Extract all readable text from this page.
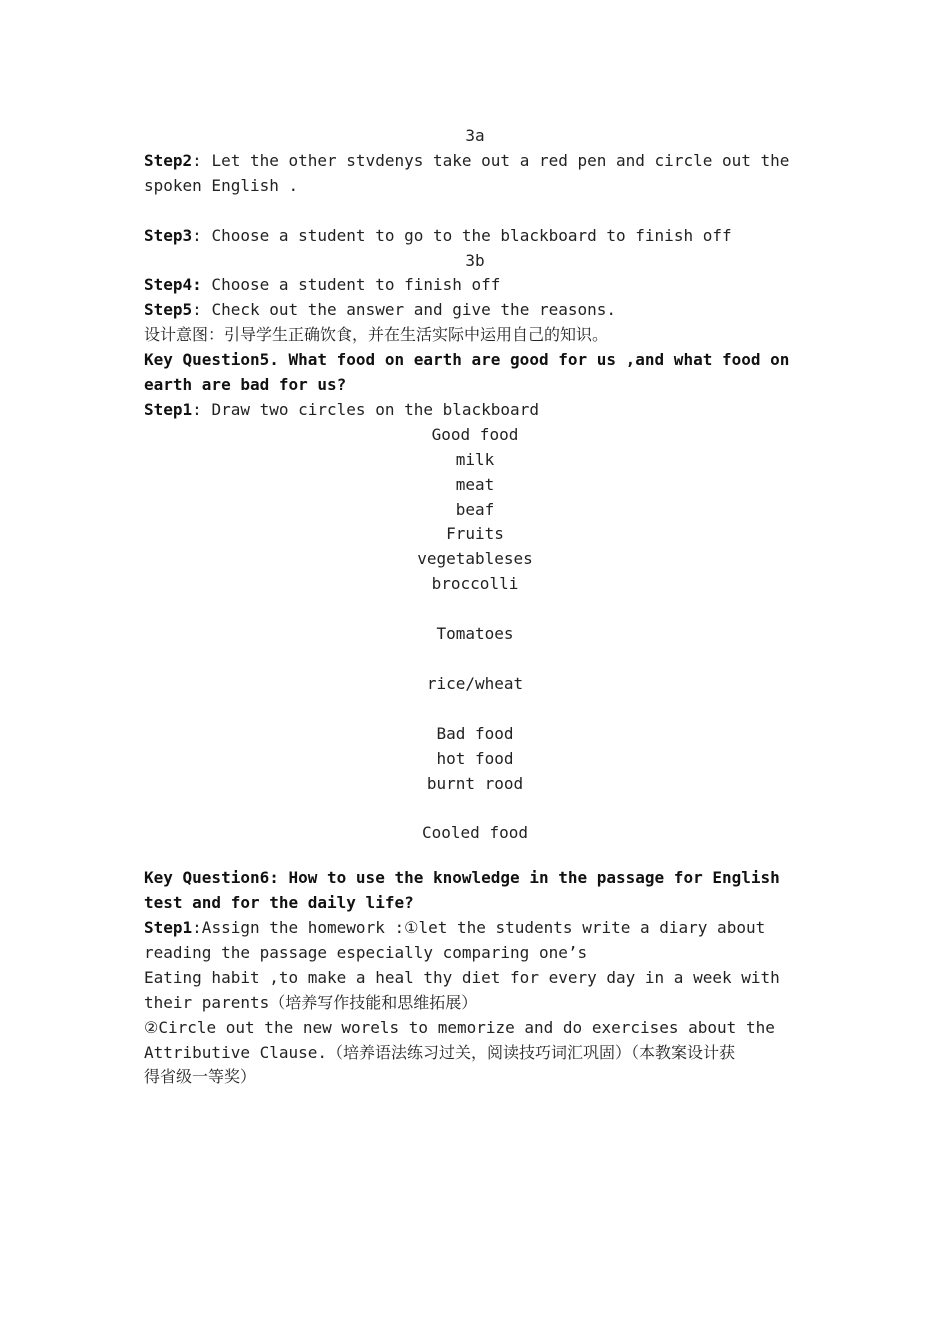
3a
Step2: Let the other stvdenys take out a red pen and circle out the
spoken English .
Step3: Choose a student to go to the blackboard to finish off
3b
Step4: Choose a student to finish off
Step5: Check out the answer and give the reasons.
设计意图：引导学生正确饮食，并在生活实际中运用自己的知识。
Key Question5. What food on earth are good for us ,and what food on
earth are bad for us?
Step1: Draw two circles on the blackboard
Good food
milk
meat
beaf
Fruits
vegetableses
broccolli
Tomatoes
rice/wheat
Bad food
hot food
burnt rood
Cooled food
Key Question6: How to use the knowledge in the passage for English
test and for the daily life?
Step1:Assign the homework :①let the students write a diary about
reading the passage especially comparing one’s
Eating habit ,to make a heal thy diet for every day in a week with
their parents（培养写作技能和思维拓展）
②Circle out the new worels to memorize and do exercises about the
Attributive Clause.（培养语法练习过关，阅读技巧词汇巩固）（本教案设计获
得省级一等奖）
